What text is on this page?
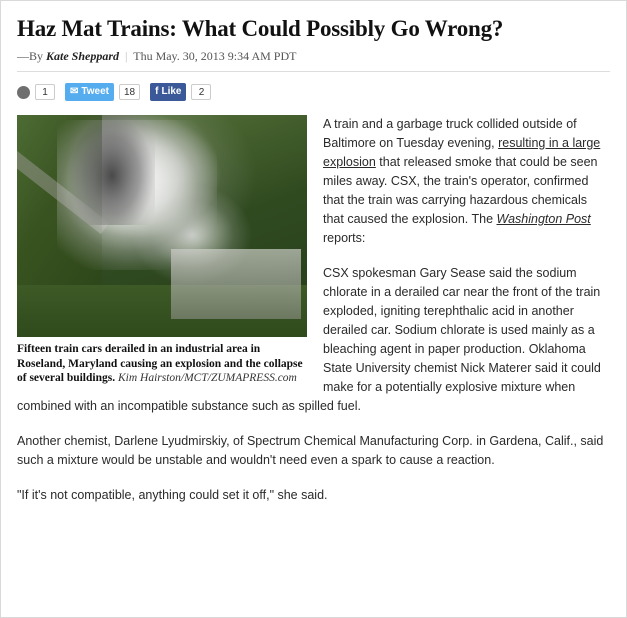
Haz Mat Trains: What Could Possibly Go Wrong?
—By Kate Sheppard | Thu May. 30, 2013 9:34 AM PDT
1	✉ Tweet	18	f Like	2
Fifteen train cars derailed in an industrial area in Roseland, Maryland causing an explosion and the collapse of several buildings. Kim Hairston/MCT/ZUMAPRESS.com

A train and a garbage truck collided outside of Baltimore on Tuesday evening, resulting in a large explosion that released smoke that could be seen miles away. CSX, the train's operator, confirmed that the train was carrying hazardous chemicals that caused the explosion. The Washington Post reports:

CSX spokesman Gary Sease said the sodium chlorate in a derailed car near the front of the train exploded, igniting terephthalic acid in another derailed car. Sodium chlorate is used mainly as a bleaching agent in paper production. Oklahoma State University chemist Nick Materer said it could make for a potentially explosive mixture when combined with an incompatible substance such as spilled fuel.

Another chemist, Darlene Lyudmirskiy, of Spectrum Chemical Manufacturing Corp. in Gardena, Calif., said such a mixture would be unstable and wouldn't need even a spark to cause a reaction.

"If it's not compatible, anything could set it off," she said.
